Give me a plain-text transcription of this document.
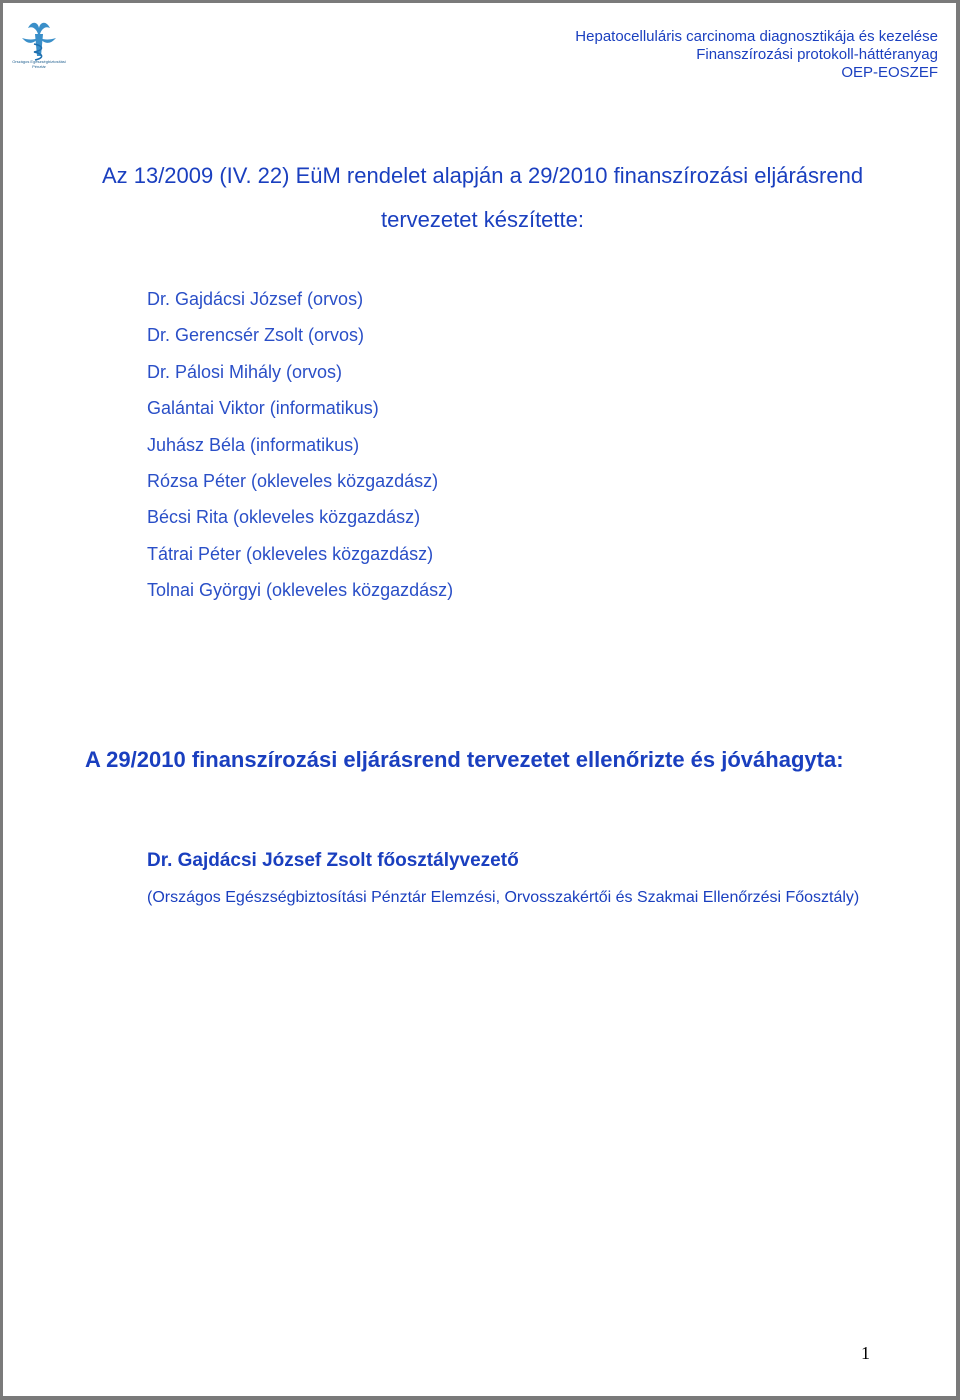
Országos Egészségbiztosítási Pénztár
Hepatocelluláris carcinoma diagnosztikája és kezelése
Finanszírozási protokoll-háttéranyag
OEP-EOSZEF
Az 13/2009 (IV. 22) EüM rendelet alapján a 29/2010 finanszírozási eljárásrend tervezetet készítette:
Dr. Gajdácsi József (orvos)
Dr. Gerencsér Zsolt (orvos)
Dr. Pálosi Mihály (orvos)
Galántai Viktor (informatikus)
Juhász Béla (informatikus)
Rózsa Péter (okleveles közgazdász)
Bécsi Rita (okleveles közgazdász)
Tátrai Péter (okleveles közgazdász)
Tolnai Györgyi (okleveles közgazdász)
A 29/2010 finanszírozási eljárásrend tervezetet ellenőrizte és jóváhagyta:
Dr. Gajdácsi József Zsolt főosztályvezető
(Országos Egészségbiztosítási Pénztár Elemzési, Orvosszakértői és Szakmai Ellenőrzési Főosztály)
1
